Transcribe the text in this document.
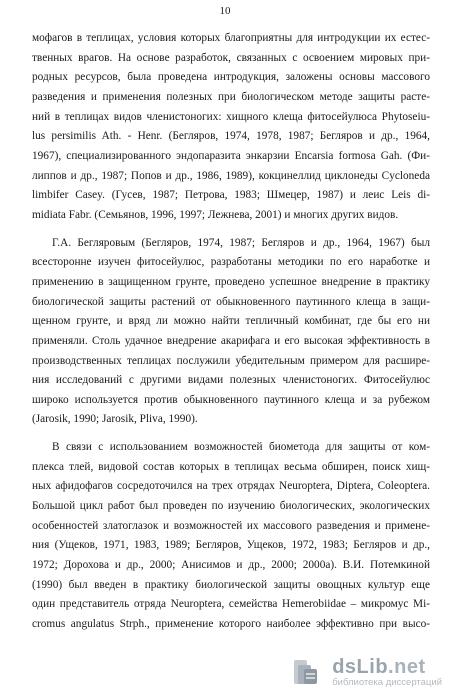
10
мофагов в теплицах, условия которых благоприятны для интродукции их естес-
твенных врагов. На основе разработок, связанных с освоением мировых при-
родных ресурсов, была проведена интродукция, заложены основы массового
разведения и применения полезных при биологическом методе защиты расте-
ний в теплицах видов членистоногих: хищного клеща фитосейулюса Phytoseiu-
lus persimilis Ath. - Henr. (Бегляров, 1974, 1978, 1987; Бегляров и др., 1964,
1967), специализированного эндопаразита энкарзии Encarsia formosa Gah. (Фи-
липпов и др., 1987; Попов и др., 1986, 1989), кокцинеллид циклонеды Cycloneda
limbifer Casey. (Гусев, 1987; Петрова, 1983; Шмецер, 1987) и леис Leis di-
midiata Fabr. (Семьянов, 1996, 1997; Лежнева, 2001) и многих других видов.
Г.А. Бегляровым (Бегляров, 1974, 1987; Бегляров и др., 1964, 1967) был
всесторонне изучен фитосейулюс, разработаны методики по его наработке и
применению в защищенном грунте, проведено успешное внедрение в практику
биологической защиты растений от обыкновенного паутинного клеща в защи-
щенном грунте, и вряд ли можно найти тепличный комбинат, где бы его ни
применяли. Столь удачное внедрение акарифага и его высокая эффективность в
производственных теплицах послужили убедительным примером для расшире-
ния исследований с другими видами полезных членистоногих. Фитосейулюс
широко используется против обыкновенного паутинного клеща и за рубежом
(Jarosik, 1990; Jarosik, Pliva, 1990).
В связи с использованием возможностей биометода для защиты от ком-
плекса тлей, видовой состав которых в теплицах весьма обширен, поиск хищ-
ных афидофагов сосредоточился на трех отрядах Neuroptera, Diptera, Coleoptera.
Большой цикл работ был проведен по изучению биологических, экологических
особенностей златоглазок и возможностей их массового разведения и примене-
ния (Ущеков, 1971, 1983, 1989; Бегляров, Ущеков, 1972, 1983; Бегляров и др.,
1972; Дорохова и др., 2000; Анисимов и др., 2000; 2000а). В.И. Потемкиной
(1990) был введен в практику биологической защиты овощных культур еще
один представитель отряда Neuroptera, семейства Hemerobiidae – микромус Mi-
cromus angulatus Strph., применение которого наиболее эффективно при высо-
dsLib.net
библиотека диссертаций
